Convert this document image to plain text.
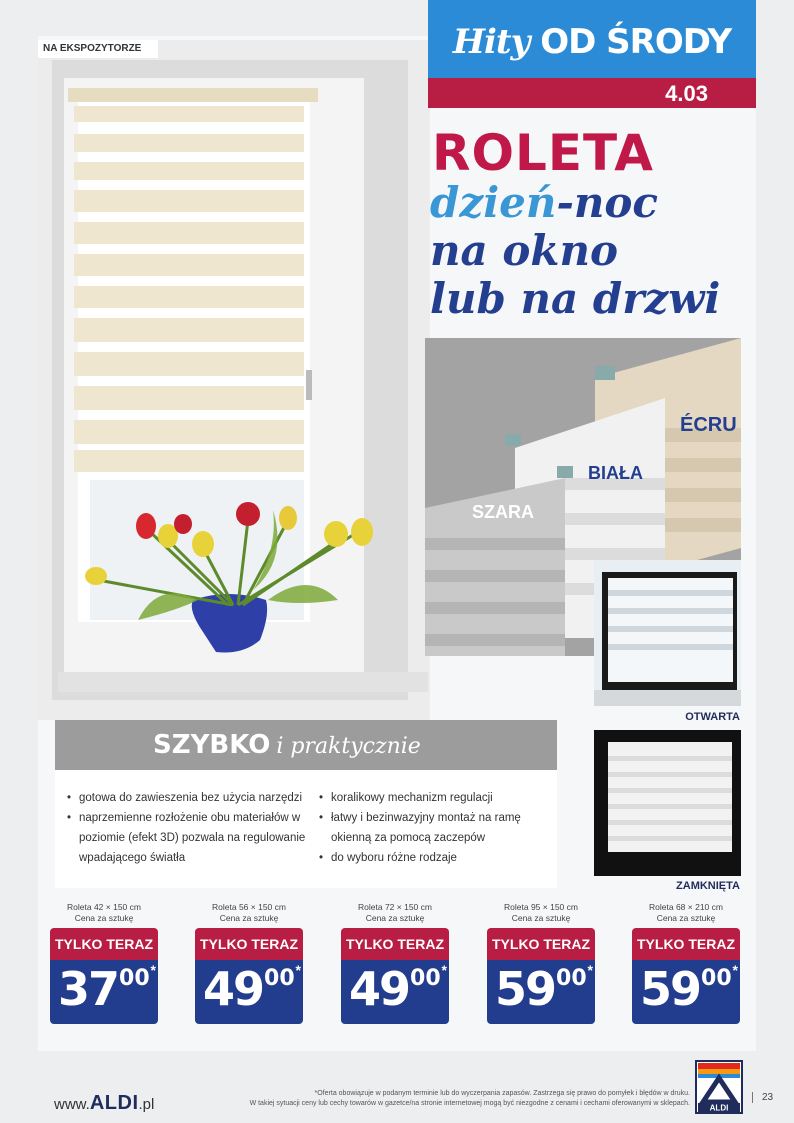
NA EKSPOZYTORZE	Hity OD ŚRODY
4.03
ROLETA
dzień-noc
na okno
lub na drzwi
SZARA
BIAŁA
ÉCRU
OTWARTA
ZAMKNIĘTA
SZYBKO i praktycznie
• gotowa do zawieszenia bez użycia narzędzi
• naprzemienne rozłożenie obu materiałów w poziomie (efekt 3D) pozwala na regulowanie wpadającego światła
• koralikowy mechanizm regulacji
• łatwy i bezinwazyjny montaż na ramę okienną za pomocą zaczepów
• do wyboru różne rodzaje
Roleta 42 × 150 cm
Cena za sztukę
TYLKO TERAZ
$37^{00}$ *
Roleta 56 × 150 cm
Cena za sztukę
TYLKO TERAZ
$49^{00}$ *
Roleta 72 × 150 cm
Cena za sztukę
TYLKO TERAZ
$49^{00}$ *
Roleta 95 × 150 cm
Cena za sztukę
TYLKO TERAZ
$59^{00}$ *
Roleta 68 × 210 cm
Cena za sztukę
TYLKO TERAZ
$59^{00}$ *
www.ALDI.pl
*Oferta obowiązuje w podanym terminie lub do wyczerpania zapasów. Zastrzega się prawo do pomyłek i błędów w druku.
W takiej sytuacji ceny lub cechy towarów w gazetce/na stronie internetowej mogą być niezgodne z cenami i cechami oferowanymi w sklepach. ALDI
23
